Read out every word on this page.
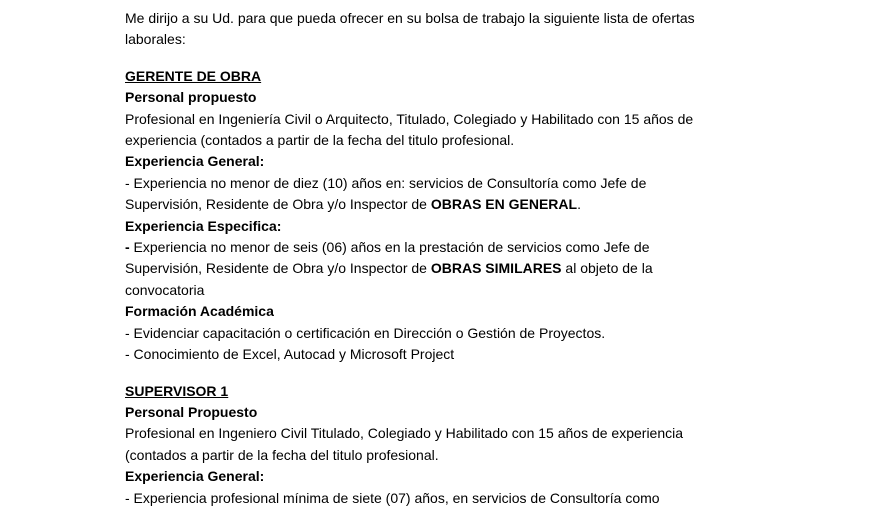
Me dirijo a su Ud. para que pueda ofrecer en su bolsa de trabajo la siguiente lista de ofertas
laborales:
GERENTE DE OBRA
Personal propuesto
Profesional en Ingeniería Civil o Arquitecto, Titulado, Colegiado y Habilitado con 15 años de
experiencia (contados a partir de la fecha del titulo profesional.
Experiencia General:
- Experiencia no menor de diez (10) años en: servicios de Consultoría como Jefe de
Supervisión, Residente de Obra y/o Inspector de OBRAS EN GENERAL.
Experiencia Especifica:
- Experiencia no menor de seis (06) años en la prestación de servicios como Jefe de
Supervisión, Residente de Obra y/o Inspector de OBRAS SIMILARES al objeto de la
convocatoria
Formación Académica
- Evidenciar capacitación o certificación en Dirección o Gestión de Proyectos.
- Conocimiento de Excel, Autocad y Microsoft Project
SUPERVISOR 1
Personal Propuesto
Profesional en Ingeniero Civil Titulado, Colegiado y Habilitado con 15 años de experiencia
(contados a partir de la fecha del titulo profesional.
Experiencia General:
- Experiencia profesional mínima de siete (07) años, en servicios de Consultoría como
